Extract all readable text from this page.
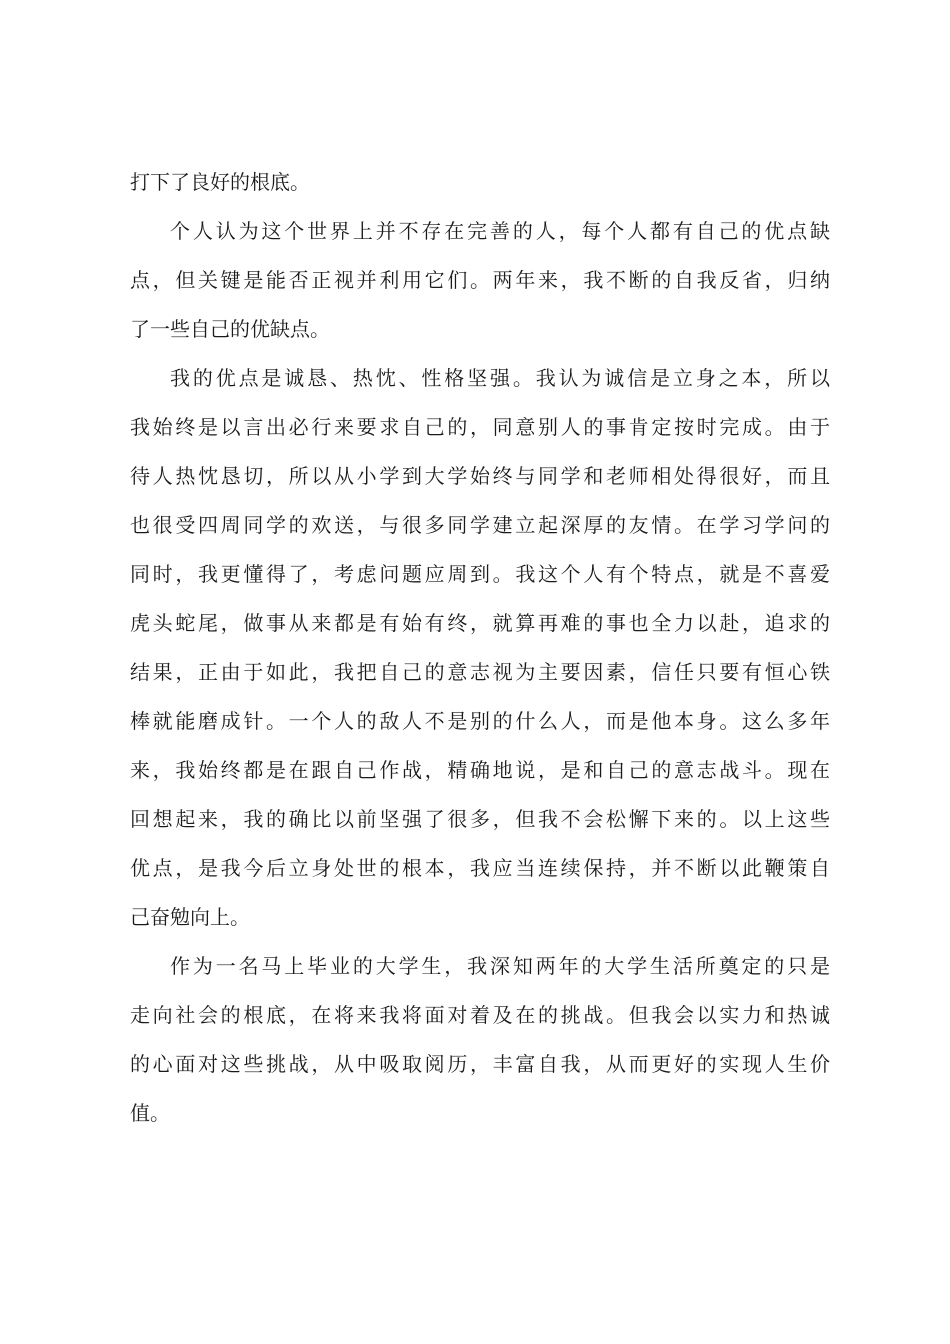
打下了良好的根底。
个人认为这个世界上并不存在完善的人，每个人都有自己的优点缺
点，但关键是能否正视并利用它们。两年来，我不断的自我反省，归纳
了一些自己的优缺点。
我的优点是诚恳、热忱、性格坚强。我认为诚信是立身之本，所以
我始终是以言出必行来要求自己的，同意别人的事肯定按时完成。由于
待人热忱恳切，所以从小学到大学始终与同学和老师相处得很好，而且
也很受四周同学的欢送，与很多同学建立起深厚的友情。在学习学问的
同时，我更懂得了，考虑问题应周到。我这个人有个特点，就是不喜爱
虎头蛇尾，做事从来都是有始有终，就算再难的事也全力以赴，追求的
结果，正由于如此，我把自己的意志视为主要因素，信任只要有恒心铁
棒就能磨成针。一个人的敌人不是别的什么人，而是他本身。这么多年
来，我始终都是在跟自己作战，精确地说，是和自己的意志战斗。现在
回想起来，我的确比以前坚强了很多，但我不会松懈下来的。以上这些
优点，是我今后立身处世的根本，我应当连续保持，并不断以此鞭策自
己奋勉向上。
作为一名马上毕业的大学生，我深知两年的大学生活所奠定的只是
走向社会的根底，在将来我将面对着及在的挑战。但我会以实力和热诚
的心面对这些挑战，从中吸取阅历，丰富自我，从而更好的实现人生价
值。
